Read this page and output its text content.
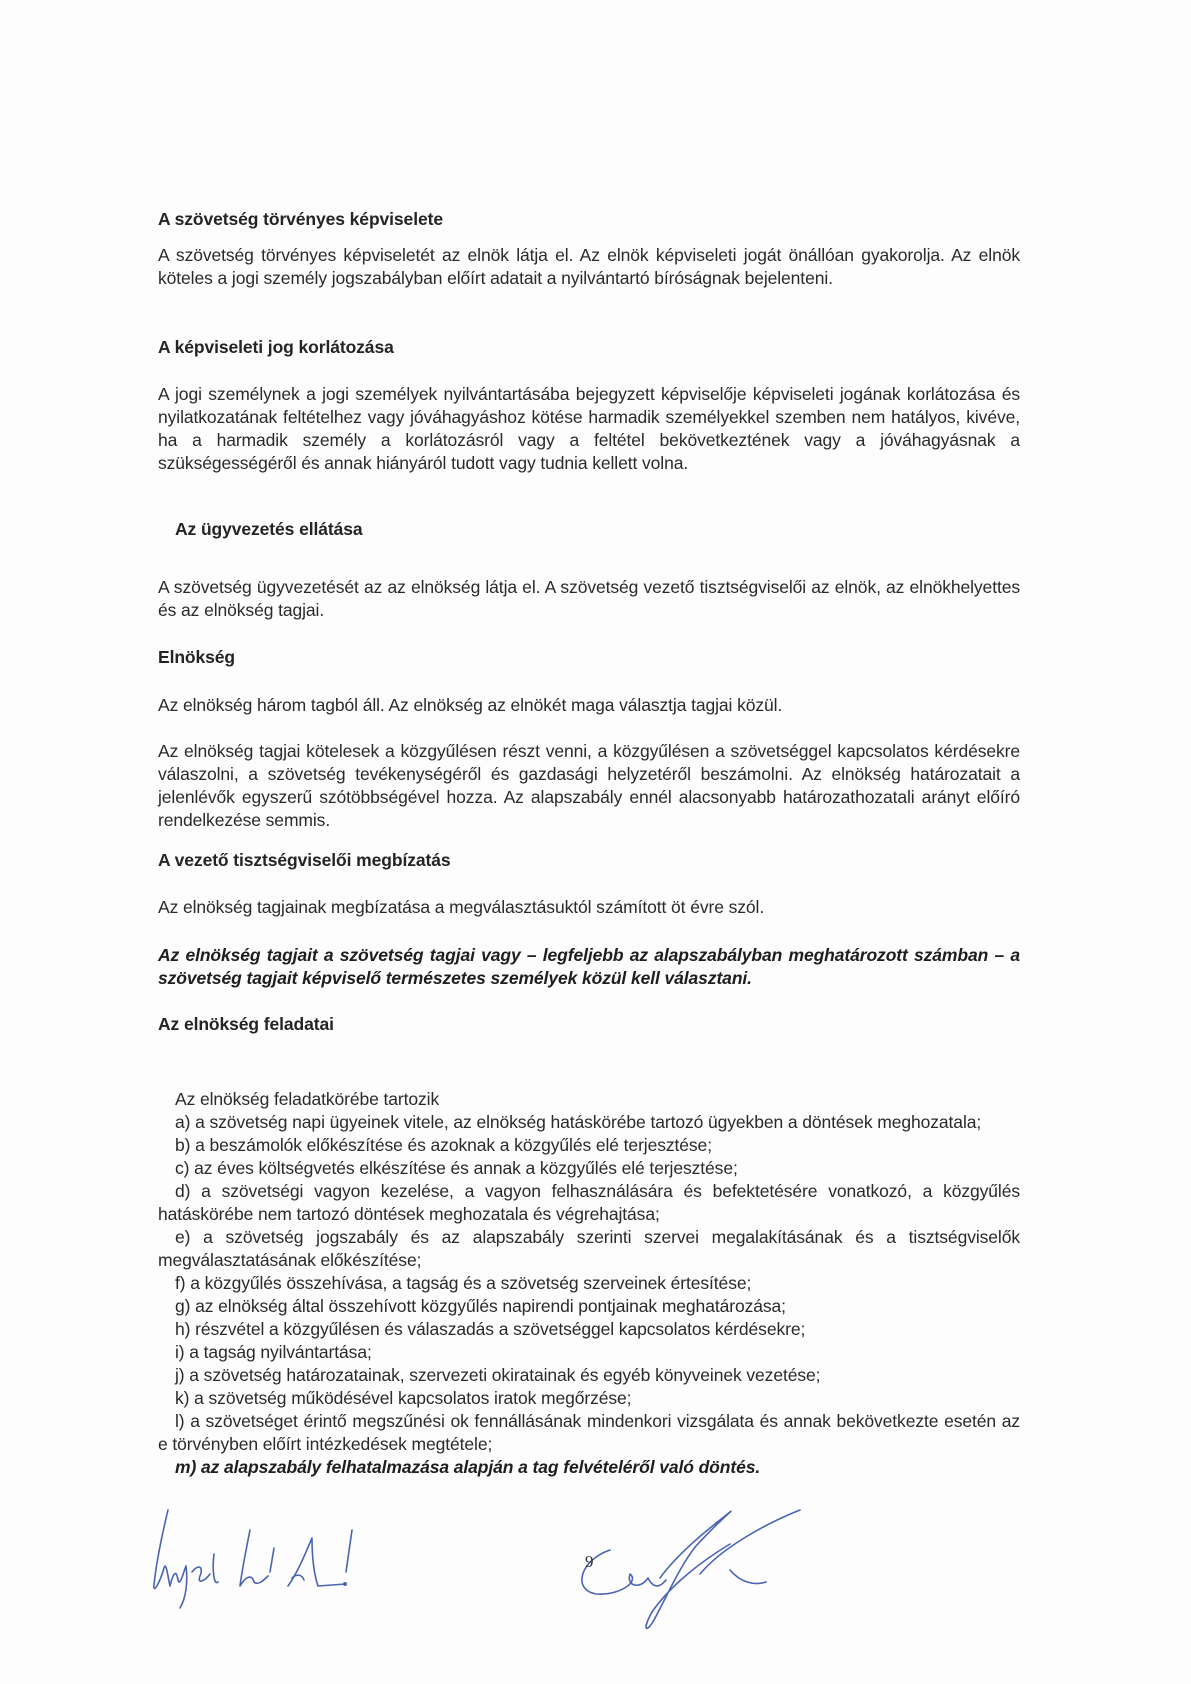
A szövetség törvényes képviselete

A szövetség törvényes képviseletét az elnök látja el. Az elnök képviseleti jogát önállóan gyakorolja. Az elnök köteles a jogi személy jogszabályban előírt adatait a nyilvántartó bíróságnak bejelenteni.

A képviseleti jog korlátozása

A jogi személynek a jogi személyek nyilvántartásába bejegyzett képviselője képviseleti jogának korlátozása és nyilatkozatának feltételhez vagy jóváhagyáshoz kötése harmadik személyekkel szemben nem hatályos, kivéve, ha a harmadik személy a korlátozásról vagy a feltétel bekövetkeztének vagy a jóváhagyásnak a szükségességéről és annak hiányáról tudott vagy tudnia kellett volna.

Az ügyvezetés ellátása

A szövetség ügyvezetését az az elnökség látja el. A szövetség vezető tisztségviselői az elnök, az elnökhelyettes és az elnökség tagjai.

Elnökség

Az elnökség három tagból áll. Az elnökség az elnökét maga választja tagjai közül.

Az elnökség tagjai kötelesek a közgyűlésen részt venni, a közgyűlésen a szövetséggel kapcsolatos kérdésekre válaszolni, a szövetség tevékenységéről és gazdasági helyzetéről beszámolni. Az elnökség határozatait a jelenlévők egyszerű szótöbbségével hozza. Az alapszabály ennél alacsonyabb határozathozatali arányt előíró rendelkezése semmis.

A vezető tisztségviselői megbízatás

Az elnökség tagjainak megbízatása a megválasztásuktól számított öt évre szól.

Az elnökség tagjait a szövetség tagjai vagy – legfeljebb az alapszabályban meghatározott számban – a szövetség tagjait képviselő természetes személyek közül kell választani.

Az elnökség feladatai

Az elnökség feladatkörébe tartozik

a) a szövetség napi ügyeinek vitele, az elnökség hatáskörébe tartozó ügyekben a döntések meghozatala;

b) a beszámolók előkészítése és azoknak a közgyűlés elé terjesztése;

c) az éves költségvetés elkészítése és annak a közgyűlés elé terjesztése;

d) a szövetségi vagyon kezelése, a vagyon felhasználására és befektetésére vonatkozó, a közgyűlés hatáskörébe nem tartozó döntések meghozatala és végrehajtása;

e) a szövetség jogszabály és az alapszabály szerinti szervei megalakításának és a tisztségviselők megválasztatásának előkészítése;

f) a közgyűlés összehívása, a tagság és a szövetség szerveinek értesítése;

g) az elnökség által összehívott közgyűlés napirendi pontjainak meghatározása;

h) részvétel a közgyűlésen és válaszadás a szövetséggel kapcsolatos kérdésekre;

i) a tagság nyilvántartása;

j) a szövetség határozatainak, szervezeti okiratainak és egyéb könyveinek vezetése;

k) a szövetség működésével kapcsolatos iratok megőrzése;

l) a szövetséget érintő megszűnési ok fennállásának mindenkori vizsgálata és annak bekövetkezte esetén az e törvényben előírt intézkedések megtétele;

m) az alapszabály felhatalmazása alapján a tag felvételéről való döntés.

9
